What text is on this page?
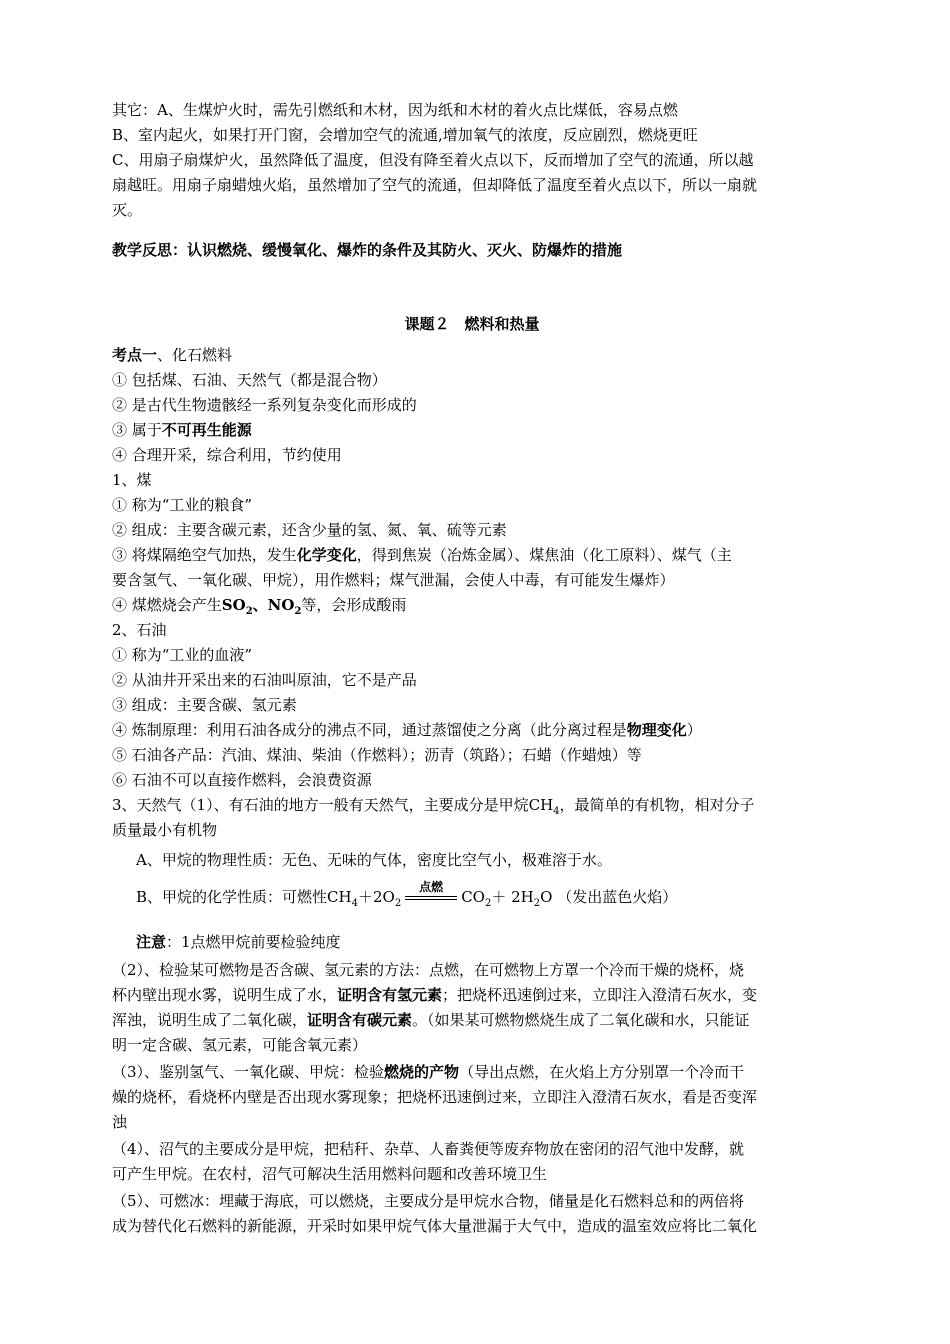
其它：A、生煤炉火时，需先引燃纸和木材，因为纸和木材的着火点比煤低，容易点燃
B、室内起火，如果打开门窗，会增加空气的流通,增加氧气的浓度，反应剧烈，燃烧更旺
C、用扇子扇煤炉火，虽然降低了温度，但没有降至着火点以下，反而增加了空气的流通，所以越
扇越旺。用扇子扇蜡烛火焰，虽然增加了空气的流通，但却降低了温度至着火点以下，所以一扇就
灭。
教学反思：认识燃烧、缓慢氧化、爆炸的条件及其防火、灭火、防爆炸的措施
课题２　燃料和热量
考点一、化石燃料
① 包括煤、石油、天然气（都是混合物）
② 是古代生物遗骸经一系列复杂变化而形成的
③ 属于不可再生能源
④ 合理开采，综合利用，节约使用
1、煤
① 称为“工业的粮食”
② 组成：主要含碳元素，还含少量的氢、氮、氧、硫等元素
③ 将煤隔绝空气加热，发生化学变化，得到焦炭（冶炼金属）、煤焦油（化工原料）、煤气（主
要含氢气、一氧化碳、甲烷），用作燃料；煤气泄漏，会使人中毒，有可能发生爆炸）
④ 煤燃烧会产生$SO_2$、$NO_2$等，会形成酸雨
2、石油
① 称为“工业的血液”
② 从油井开采出来的石油叫原油，它不是产品
③ 组成：主要含碳、氢元素
④ 炼制原理：利用石油各成分的沸点不同，通过蒸馏使之分离（此分离过程是物理变化）
⑤ 石油各产品：汽油、煤油、柴油（作燃料）；沥青（筑路）；石蜡（作蜡烛）等
⑥ 石油不可以直接作燃料，会浪费资源
3、天然气（1）、有石油的地方一般有天然气，主要成分是甲烷$CH_4$，最简单的有机物，相对分子
质量最小有机物
A、甲烷的物理性质：无色、无味的气体，密度比空气小，极难溶于水。
B、甲烷的化学性质：可燃性$CH_4+2O_2$
点燃
$CO_2+ 2H_2O$ （发出蓝色火焰）
注意：1点燃甲烷前要检验纯度
（2）、检验某可燃物是否含碳、氢元素的方法：点燃，在可燃物上方罩一个冷而干燥的烧杯，烧
杯内壁出现水雾，说明生成了水，证明含有氢元素；把烧杯迅速倒过来，立即注入澄清石灰水，变
浑浊，说明生成了二氧化碳，证明含有碳元素。（如果某可燃物燃烧生成了二氧化碳和水，只能证
明一定含碳、氢元素，可能含氧元素）
（3）、鉴别氢气、一氧化碳、甲烷：检验燃烧的产物（导出点燃，在火焰上方分别罩一个冷而干
燥的烧杯，看烧杯内壁是否出现水雾现象；把烧杯迅速倒过来，立即注入澄清石灰水，看是否变浑
浊
（4）、沼气的主要成分是甲烷，把秸秆、杂草、人畜粪便等废弃物放在密闭的沼气池中发酵，就
可产生甲烷。在农村，沼气可解决生活用燃料问题和改善环境卫生
（5）、可燃冰：埋藏于海底，可以燃烧，主要成分是甲烷水合物，储量是化石燃料总和的两倍将
成为替代化石燃料的新能源，开采时如果甲烷气体大量泄漏于大气中，造成的温室效应将比二氧化
